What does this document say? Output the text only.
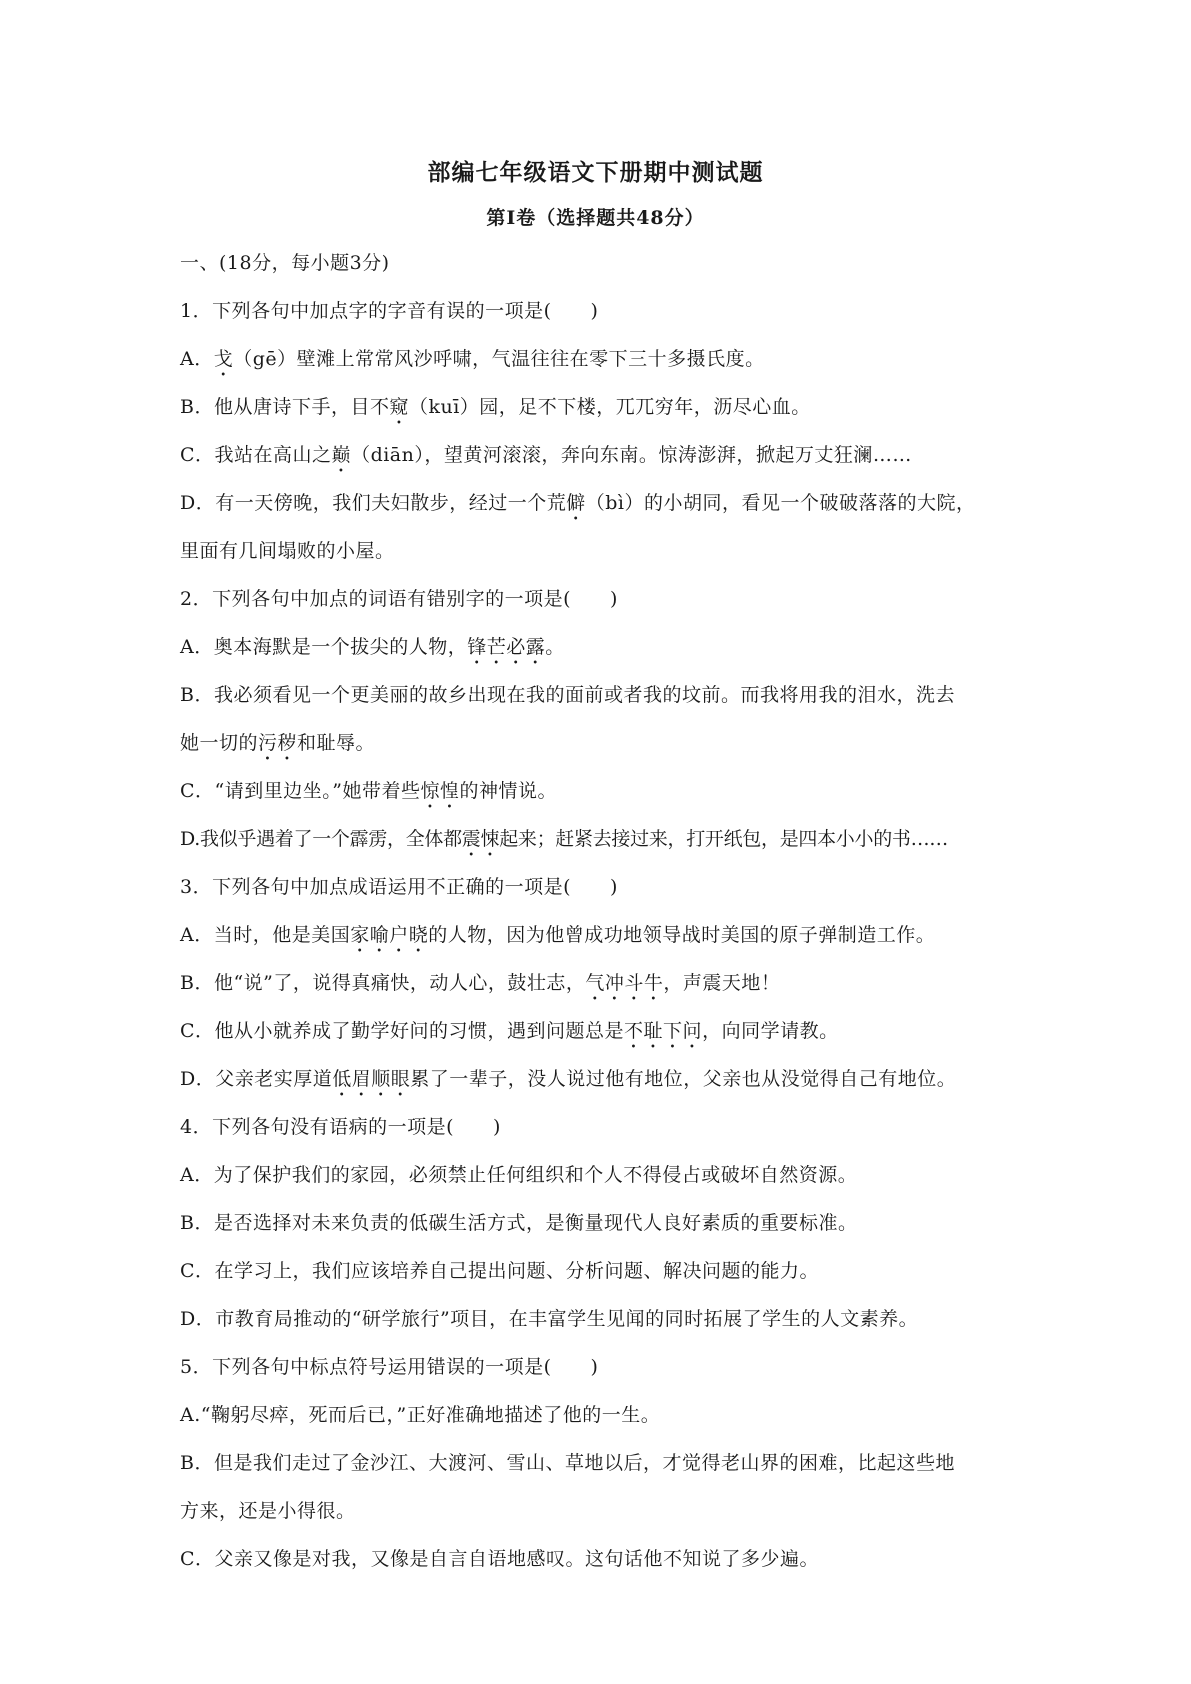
部编七年级语文下册期中测试题
第Ⅰ卷（选择题共48分）
一、(18分，每小题3分)
1．下列各句中加点字的字音有误的一项是(　　)
A．戈（gē）壁滩上常常风沙呼啸，气温往往在零下三十多摄氏度。
B．他从唐诗下手，目不窥（kuī）园，足不下楼，兀兀穷年，沥尽心血。
C．我站在高山之巅（diān），望黄河滚滚，奔向东南。惊涛澎湃，掀起万丈狂澜……
D．有一天傍晚，我们夫妇散步，经过一个荒僻（bì）的小胡同，看见一个破破落落的大院，
里面有几间塌败的小屋。
2．下列各句中加点的词语有错别字的一项是(　　)
A．奥本海默是一个拔尖的人物，锋芒必露。
B．我必须看见一个更美丽的故乡出现在我的面前或者我的坟前。而我将用我的泪水，洗去
她一切的污秽和耻辱。
C．“请到里边坐。”她带着些惊惶的神情说。
D.我似乎遇着了一个霹雳，全体都震悚起来；赶紧去接过来，打开纸包，是四本小小的书……
3．下列各句中加点成语运用不正确的一项是(　　)
A．当时，他是美国家喻户晓的人物，因为他曾成功地领导战时美国的原子弹制造工作。
B．他“说”了，说得真痛快，动人心，鼓壮志，气冲斗牛，声震天地！
C．他从小就养成了勤学好问的习惯，遇到问题总是不耻下问，向同学请教。
D．父亲老实厚道低眉顺眼累了一辈子，没人说过他有地位，父亲也从没觉得自己有地位。
4．下列各句没有语病的一项是(　　)
A．为了保护我们的家园，必须禁止任何组织和个人不得侵占或破坏自然资源。
B．是否选择对未来负责的低碳生活方式，是衡量现代人良好素质的重要标准。
C．在学习上，我们应该培养自己提出问题、分析问题、解决问题的能力。
D．市教育局推动的“研学旅行”项目，在丰富学生见闻的同时拓展了学生的人文素养。
5．下列各句中标点符号运用错误的一项是(　　)
A.“鞠躬尽瘁，死而后已，”正好准确地描述了他的一生。
B．但是我们走过了金沙江、大渡河、雪山、草地以后，才觉得老山界的困难，比起这些地
方来，还是小得很。
C．父亲又像是对我，又像是自言自语地感叹。这句话他不知说了多少遍。
